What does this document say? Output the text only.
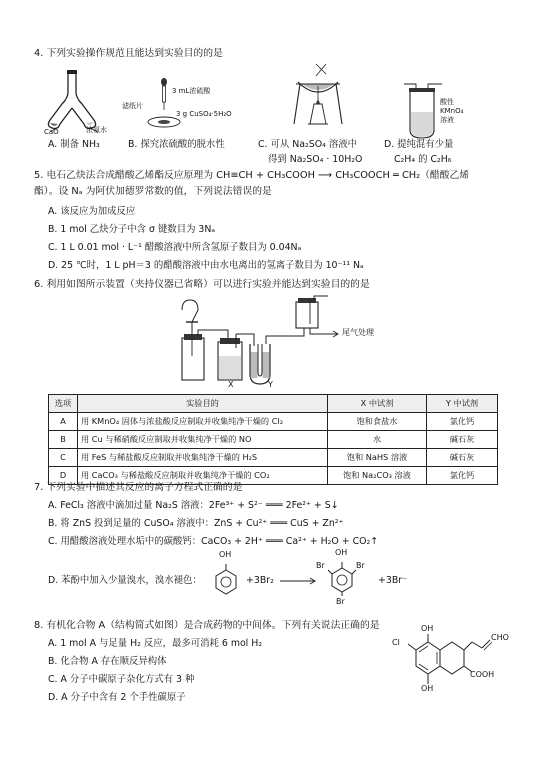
4. 下列实验操作规范且能达到实验目的的是
CaO	浓氨水
3 mL浓硫酸
滤纸片
3 g CuSO₄·5H₂O
酸性
KMnO₄
溶液
A. 制备 NH₃	B. 探究浓硫酸的脱水性	C. 可从 Na₂SO₄ 溶液中
得到 Na₂SO₄ · 10H₂O
D. 提纯混有少量
C₂H₄ 的 C₂H₆
5. 电石乙炔法合成醋酸乙烯酯反应原理为 CH≡CH + CH₃COOH ⟶ CH₃COOCH ═ CH₂（醋酸乙烯
酯）。设 Nₐ 为阿伏加德罗常数的值，下列说法错误的是
A. 该反应为加成反应
B. 1 mol 乙炔分子中含 σ 键数目为 3Nₐ
C. 1 L 0.01 mol · L⁻¹ 醋酸溶液中所含氢原子数目为 0.04Nₐ
D. 25 ℃时，1 L pH＝3 的醋酸溶液中由水电离出的氢离子数目为 10⁻¹¹ Nₐ
6. 利用如图所示装置（夹持仪器已省略）可以进行实验并能达到实验目的的是
X	Y
尾气处理
选项	实验目的	X 中试剂	Y 中试剂
A	用 KMnO₄ 固体与浓盐酸反应制取并收集纯净干燥的 Cl₂	饱和食盐水	氯化钙
B	用 Cu 与稀硝酸反应制取并收集纯净干燥的 NO	水	碱石灰
C	用 FeS 与稀盐酸反应制取并收集纯净干燥的 H₂S	饱和 NaHS 溶液	碱石灰
D	用 CaCO₃ 与稀盐酸反应制取并收集纯净干燥的 CO₂	饱和 Na₂CO₃ 溶液	氯化钙
7. 下列实验中描述其反应的离子方程式正确的是
A. FeCl₃ 溶液中滴加过量 Na₂S 溶液：2Fe³⁺ + S²⁻ ═══ 2Fe²⁺ + S↓
B. 将 ZnS 投到足量的 CuSO₄ 溶液中：ZnS + Cu²⁺ ═══ CuS + Zn²⁺
C. 用醋酸溶液处理水垢中的碳酸钙：CaCO₃ + 2H⁺ ═══ Ca²⁺ + H₂O + CO₂↑
D. 苯酚中加入少量溴水，溴水褪色：
OH
+3Br₂
OH
Br	Br
Br
+3Br⁻
8. 有机化合物 A（结构简式如图）是合成药物的中间体。下列有关说法正确的是
A. 1 mol A 与足量 H₂ 反应，最多可消耗 6 mol H₂
B. 化合物 A 存在顺反异构体
C. A 分子中碳原子杂化方式有 3 种
D. A 分子中含有 2 个手性碳原子
Cl
OH
OH
CHO
COOH
